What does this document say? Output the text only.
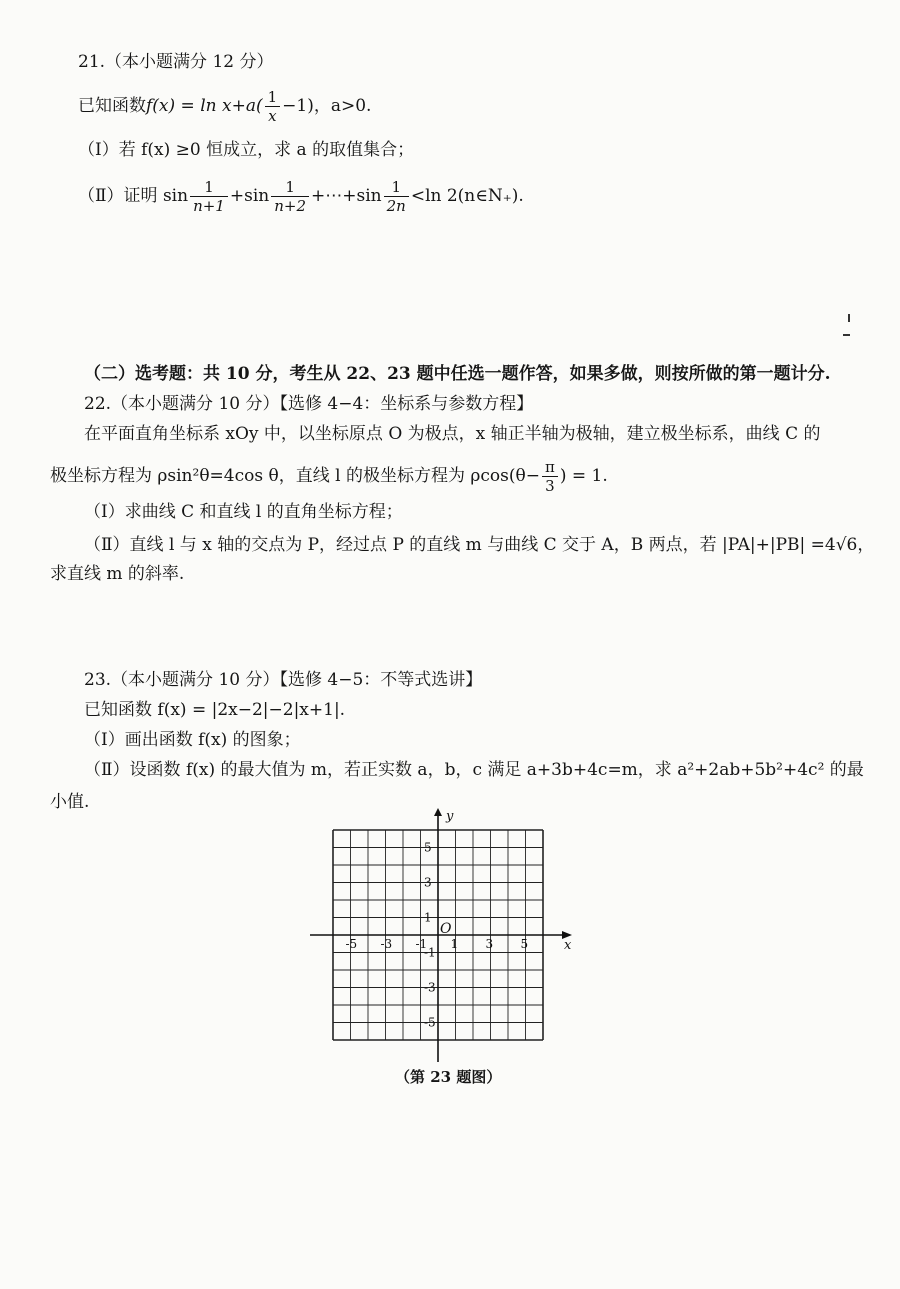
21.（本小题满分 12 分）
已知函数$f(x) = \ln x+a( \frac{1}{x} -1)$，a>0.
（Ⅰ）若 f(x) ≥0 恒成立，求 a 的取值集合；
（Ⅱ）证明 $\sin \frac{1}{n+1} +\sin \frac{1}{n+2}$ +⋯+sin $\frac{1}{2n} <\ln$ 2(n∈N₊).
（二）选考题：共 10 分，考生从 22、23 题中任选一题作答，如果多做，则按所做的第一题计分.
22.（本小题满分 10 分）【选修 4−4：坐标系与参数方程】
在平面直角坐标系 xOy 中，以坐标原点 O 为极点，x 轴正半轴为极轴，建立极坐标系，曲线 C 的
极坐标方程为 ρsin²θ=4cos θ，直线 l 的极坐标方程为 $\rho\cos(\theta- \frac{\pi}{3}$ ) = 1.
（Ⅰ）求曲线 C 和直线 l 的直角坐标方程；
（Ⅱ）直线 l 与 x 轴的交点为 P，经过点 P 的直线 m 与曲线 C 交于 A，B 两点，若 |PA|+|PB| =4√6，
求直线 m 的斜率.
23.（本小题满分 10 分）【选修 4−5：不等式选讲】
已知函数 f(x) = |2x−2|−2|x+1|.
（Ⅰ）画出函数 f(x) 的图象；
（Ⅱ）设函数 f(x) 的最大值为 m，若正实数 a，b，c 满足 a+3b+4c=m，求 a²+2ab+5b²+4c² 的最
小值.
x
y
O
-5 -3 -1 1 3 5
5
3
1
-1
-3
-5
（第 23 题图）
